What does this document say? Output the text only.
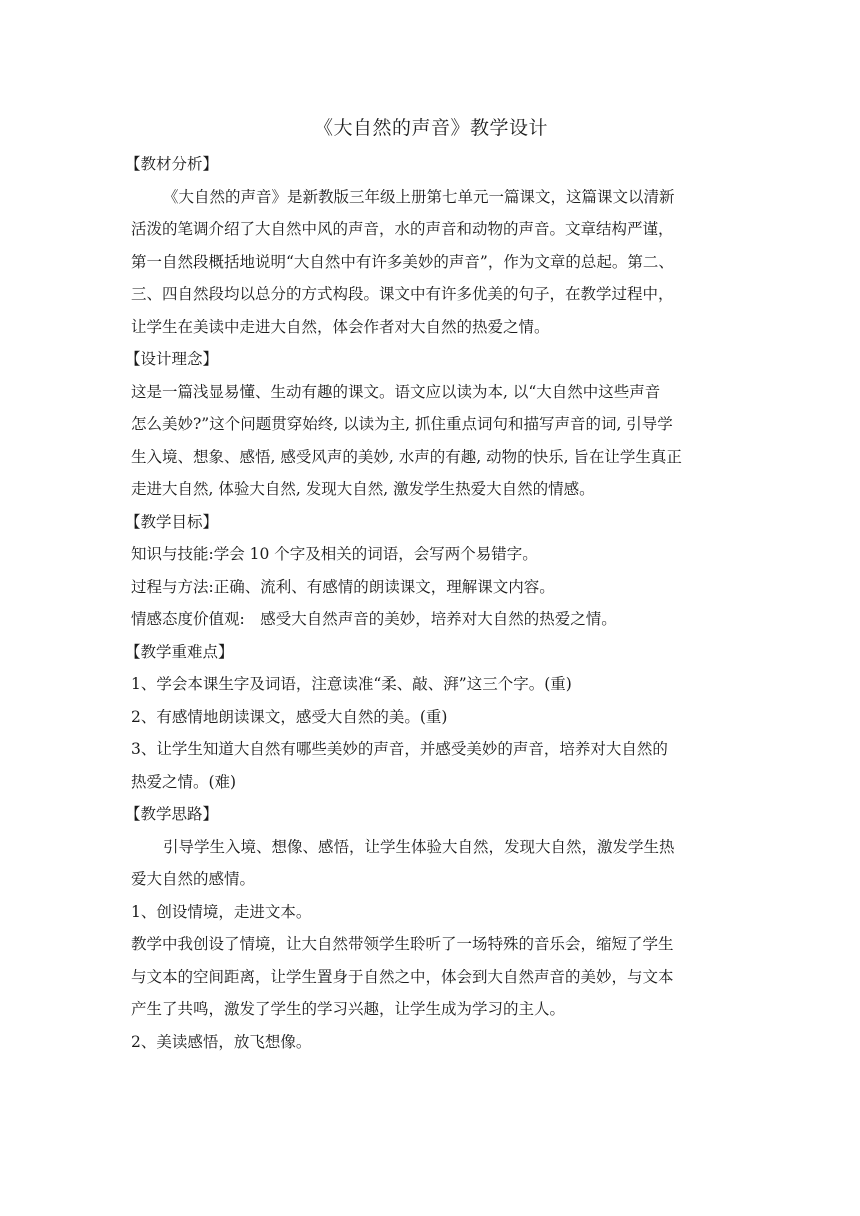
《大自然的声音》教学设计

【教材分析】

《大自然的声音》是新教版三年级上册第七单元一篇课文，这篇课文以清新

活泼的笔调介绍了大自然中风的声音，水的声音和动物的声音。文章结构严谨，

第一自然段概括地说明“大自然中有许多美妙的声音”，作为文章的总起。第二、

三、四自然段均以总分的方式构段。课文中有许多优美的句子，在教学过程中，

让学生在美读中走进大自然，体会作者对大自然的热爱之情。

【设计理念】

这是一篇浅显易懂、生动有趣的课文。语文应以读为本, 以“大自然中这些声音

怎么美妙?”这个问题贯穿始终, 以读为主, 抓住重点词句和描写声音的词, 引导学

生入境、想象、感悟, 感受风声的美妙, 水声的有趣, 动物的快乐, 旨在让学生真正

走进大自然, 体验大自然, 发现大自然, 激发学生热爱大自然的情感。

【教学目标】

知识与技能:学会 10 个字及相关的词语，会写两个易错字。

过程与方法:正确、流利、有感情的朗读课文，理解课文内容。

情感态度价值观:　感受大自然声音的美妙，培养对大自然的热爱之情。

【教学重难点】

1、学会本课生字及词语，注意读准“柔、敲、湃”这三个字。(重)

2、有感情地朗读课文，感受大自然的美。(重)

3、让学生知道大自然有哪些美妙的声音，并感受美妙的声音，培养对大自然的

热爱之情。(难)

【教学思路】

引导学生入境、想像、感悟，让学生体验大自然，发现大自然，激发学生热

爱大自然的感情。

1、创设情境，走进文本。

教学中我创设了情境，让大自然带领学生聆听了一场特殊的音乐会，缩短了学生

与文本的空间距离，让学生置身于自然之中，体会到大自然声音的美妙，与文本

产生了共鸣，激发了学生的学习兴趣，让学生成为学习的主人。

2、美读感悟，放飞想像。
